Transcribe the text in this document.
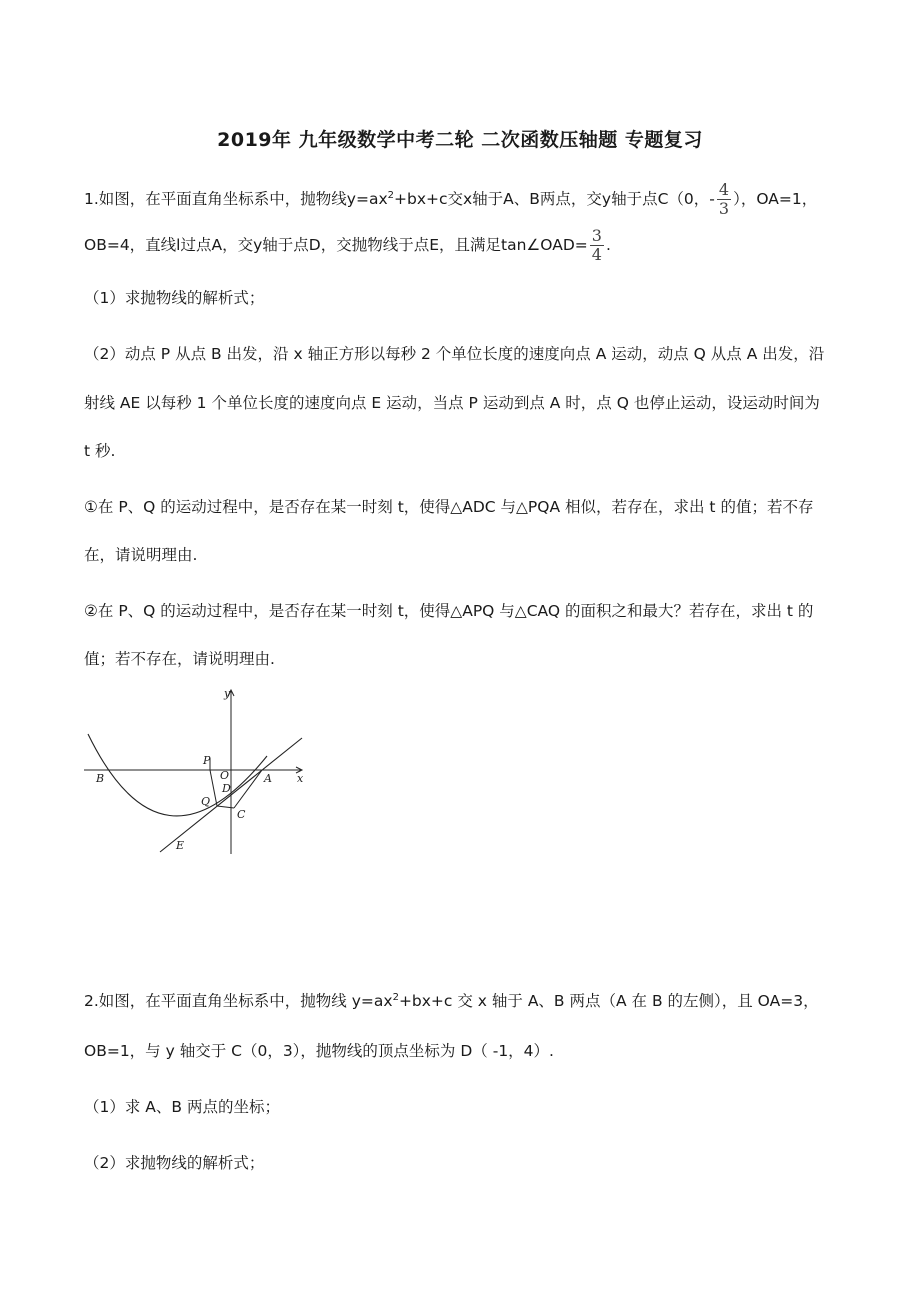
2019年 九年级数学中考二轮 二次函数压轴题 专题复习
1.如图，在平面直角坐标系中，抛物线$y=ax^2+bx+c$交x轴于A、B两点，交y轴于点C（0，- $\frac{4}{3}$ ），OA=1，
OB=4，直线l过点A，交y轴于点D，交抛物线于点E，且满足tan∠OAD= $\frac{3}{4}$ .
（1）求抛物线的解析式；
（2）动点 P 从点 B 出发，沿 x 轴正方形以每秒 2 个单位长度的速度向点 A 运动，动点 Q 从点 A 出发，沿
射线 AE 以每秒 1 个单位长度的速度向点 E 运动，当点 P 运动到点 A 时，点 Q 也停止运动，设运动时间为
t 秒.
①在 P、Q 的运动过程中，是否存在某一时刻 t，使得△ADC 与△PQA 相似，若存在，求出 t 的值；若不存
在，请说明理由.
②在 P、Q 的运动过程中，是否存在某一时刻 t，使得△APQ 与△CAQ 的面积之和最大？若存在，求出 t 的
值；若不存在，请说明理由.
y
x
B
P
O	A
D
Q
C
E
2.如图，在平面直角坐标系中，抛物线 $y=ax^2+bx+c$ 交 x 轴于 A、B 两点（A 在 B 的左侧），且 OA=3，
OB=1，与 y 轴交于 C（0，3），抛物线的顶点坐标为 D（ -1，4）.
（1）求 A、B 两点的坐标；
（2）求抛物线的解析式；
